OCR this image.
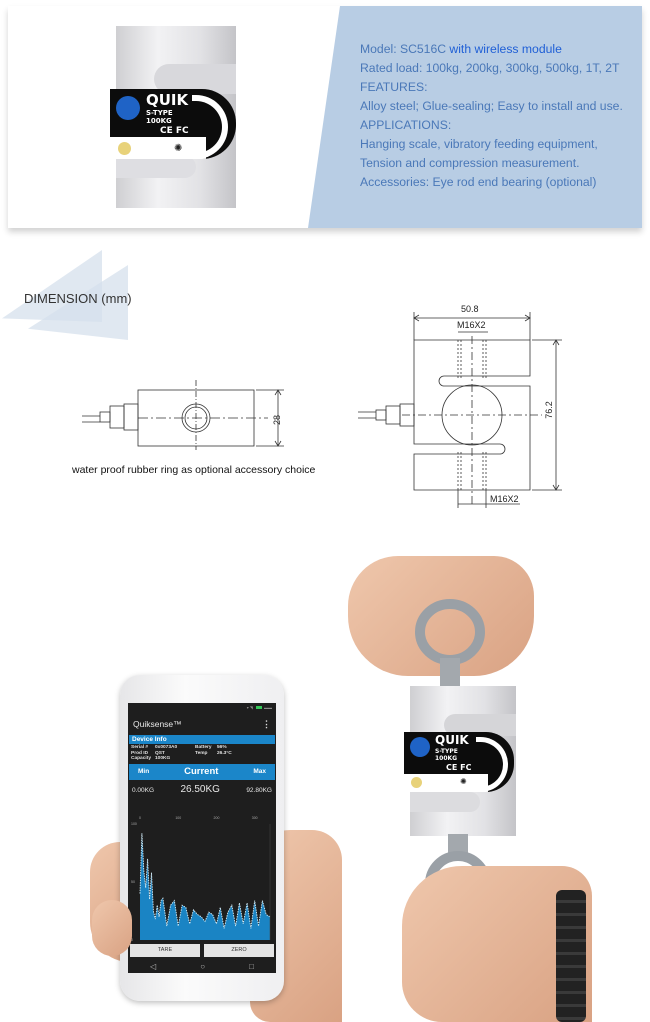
QUIK
S-TYPE
100KG
CE FC
✺
Model: SC516C with wireless module
Rated load: 100kg, 200kg, 300kg, 500kg, 1T, 2T
FEATURES:
Alloy steel; Glue-sealing; Easy to install and use.
APPLICATIONS:
Hanging scale, vibratory feeding equipment,
Tension and compression measurement.
Accessories: Eye rod end bearing (optional)
DIMENSION (mm)
28
water proof rubber ring as optional accessory choice
50.8
M16X2
76.2
M16X2
▾ ◥	▬▬
Quiksense™	⋮
Device Info
Serial #	0x0073A0	Battery	56%
Prod ID	QST	Temp	26.3°C
Capacity 100KG
Min	Current	Max
0.00KG	26.50KG	92.80KG
0	100	200	300
0
50
100
TARE	ZERO
◁	○	□
QUIK
S-TYPE
100KG
CE FC
✺
